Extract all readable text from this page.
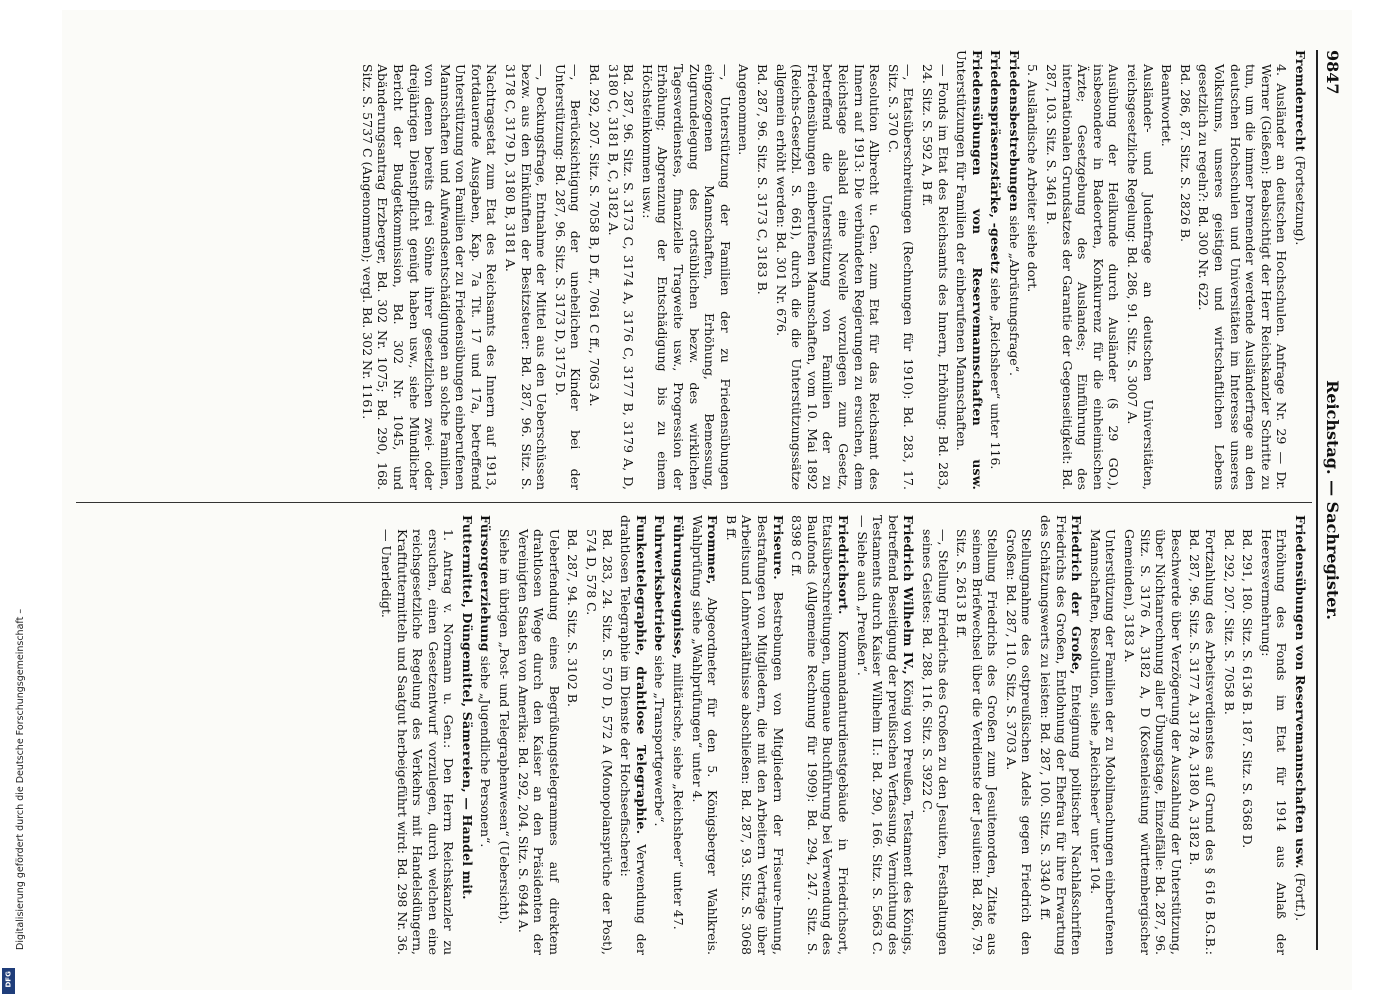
Reichstag. — Sachregister.
9847
Fremdenrecht (Fortsetzung).
4. Ausländer an deutschen Hochschulen. Anfrage Nr. 29 — Dr. Werner (Gießen): Beabsichtigt der Herr Reichskanzler Schritte zu tun, um die immer bremender werdende Ausländerfrage an den deutschen Hochschulen und Universitäten im Interesse unseres Volkstums, unseres geistigen und wirtschaftlichen Lebens gesetzlich zu regeln?: Bd. 300 Nr. 622.
Bd. 286, 87. Sitz. S. 2826 B.
Beantwortet.
Ausländer- und Judenfrage an deutschen Universitäten, reichsgesetzliche Regelung: Bd. 286, 91. Sitz. S. 3007 A.
Ausübung der Heilkunde durch Ausländer (§ 29 GO.), insbesondere in Badeorten, Konkurrenz für die einheimischen Ärzte; Gesetzgebung des Auslandes; Einführung des internationalen Grundsatzes der Garantie der Gegenseitigkeit: Bd. 287, 103. Sitz. S. 3461 B.
5. Ausländische Arbeiter siehe dort.
Friedensbestrebungen siehe „Abrüstungsfrage“.
Friedenspräsenzstärke, -gesetz siehe „Reichsheer“ unter 116.
Friedensübungen von Reservemannschaften usw. Unterstützungen für Familien der einberufenen Mannschaften.
— Fonds im Etat des Reichsamts des Innern, Erhöhung: Bd. 283, 24. Sitz. S. 592 A, B ff.
—, Etatsüberschreitungen (Rechnungen für 1910): Bd. 283, 17. Sitz. S. 370 C.
Resolution Albrecht u. Gen. zum Etat für das Reichsamt des Innern auf 1913: Die verbündeten Regierungen zu ersuchen, dem Reichstage alsbald eine Novelle vorzulegen zum Gesetz, betreffend die Unterstützung von Familien der zu Friedensübungen einberufenen Mannschaften, vom 10. Mai 1892 (Reichs-Gesetzbl. S. 661), durch die die Unterstützungssätze allgemein erhöht werden: Bd. 301 Nr. 676.
Bd. 287, 96. Sitz. S. 3173 C, 3183 B.
Angenommen.
—, Unterstützung der Familien der zu Friedensübungen eingezogenen Mannschaften, Erhöhung, Bemessung, Zugrundelegung des ortsüblichen bezw. des wirklichen Tagesverdienstes, finanzielle Tragweite usw., Progression der Erhöhung; Abgrenzung der Entschädigung bis zu einem Höchsteinkommen usw.:
Bd. 287, 96. Sitz. S. 3173 C, 3174 A, 3176 C, 3177 B, 3179 A, D, 3180 C, 3181 B, C, 3182 A.
Bd. 292, 207. Sitz. S. 7058 B, D ff., 7061 C ff., 7063 A.
—, Berücksichtigung der unehelichen Kinder bei der Unterstützung: Bd. 287, 96. Sitz. S. 3173 D, 3175 D.
—, Deckungsfrage, Entnahme der Mittel aus den Ueberschüssen bezw. aus den Einkünften der Besitzsteuer: Bd. 287, 96. Sitz. S. 3178 C, 3179 D, 3180 B, 3181 A.
Nachtragsetat zum Etat des Reichsamts des Innern auf 1913, fortdauernde Ausgaben, Kap. 7a Tit. 17 und 17a, betreffend Unterstützung von Familien der zu Friedensübungen einberufenen Mannschaften und Aufwandsentschädigungen an solche Familien, von denen bereits drei Söhne ihrer gesetzlichen zwei- oder dreijährigen Dienstpflicht genügt haben usw., siehe Mündlicher Bericht der Budgetkommission, Bd. 302 Nr. 1045, und Abänderungsantrag Erzberger, Bd. 302 Nr. 1075; Bd. 290, 168. Sitz. S. 5737 C (Angenommen); vergl. Bd. 302 Nr. 1161.
Friedensübungen von Reservemannschaften usw. (Fortf.).
Erhöhung des Fonds im Etat für 1914 aus Anlaß der Heeresvermehrung:
Bd. 291, 180. Sitz. S. 6136 B. 187. Sitz. S. 6368 D.
Bd. 292, 207. Sitz. S. 7058 B.
Fortzahlung des Arbeitsverdienstes auf Grund des § 616 B.G.B.: Bd. 287, 96. Sitz. S. 3177 A, 3178 A, 3180 A, 3182 B.
Beschwerde über Verzögerung der Auszahlung der Unterstützung, über Nichtanrechnung aller Übungstage, Einzelfälle: Bd. 287, 96. Sitz. S. 3176 A, 3182 A, D (Kostenleistung württembergischer Gemeinden), 3183 A.
Unterstützung der Familien der zu Mobilmachungen einberufenen Mannschaften, Resolution, siehe „Reichsheer“ unter 104.
Friedrich der Große, Enteignung politischer Nachlaßschriften Friedrichs des Großen, Entlohnung der Ehefrau für ihre Erwartung des Schätzungswerts zu leisten: Bd. 287, 100. Sitz. S. 3340 A ff.
Stellungnahme des ostpreußischen Adels gegen Friedrich den Großen: Bd. 287, 110. Sitz. S. 3703 A.
Stellung Friedrichs des Großen zum Jesuitenorden, Zitate aus seinem Briefwechsel über die Verdienste der Jesuiten: Bd. 286, 79. Sitz. S. 2613 B ff.
—, Stellung Friedrichs des Großen zu den Jesuiten, Festhaltungen seines Geistes: Bd. 288, 116. Sitz. S. 3922 C.
Friedrich Wilhelm IV., König von Preußen, Testament des Königs, betreffend Beseitigung der preußischen Verfassung, Vernichtung des Testaments durch Kaiser Wilhelm II.: Bd. 290, 166. Sitz. S. 5663 C. — Siehe auch „Preußen“.
Friedrichsort. Kommandanturdienstgebäude in Friedrichsort, Etatsüberschreitungen, ungenaue Buchführung bei Verwendung des Baufonds (Allgemeine Rechnung für 1909): Bd. 294, 247. Sitz. S. 8398 C ff.
Friseure. Bestrebungen von Mitgliedern der Friseure-Innung, Bestrafungen von Mitgliedern, die mit den Arbeitern Verträge über Arbeitsund Lohnverhältnisse abschließen: Bd. 287, 93. Sitz. S. 3068 B ff.
Frommer, Abgeordneter für den 5. Königsberger Wahlkreis. Wahlprüfung siehe „Wahlprüfungen“ unter 4.
Führungszeugnisse, militärische, siehe „Reichsheer“ unter 47.
Fuhrwerksbetriebe siehe „Transportgewerbe“.
Funkentelegraphie, drahtlose Telegraphie. Verwendung der drahtlosen Telegraphie im Dienste der Hochseefischerei:
Bd. 283, 24. Sitz. S. 570 D, 572 A (Monopolansprüche der Post), 574 D, 578 C.
Bd. 287, 94. Sitz. S. 3102 B.
Ueberfendung eines Begrüßungstelegrammes auf direktem drahtlosen Wege durch den Kaiser an den Präsidenten der Vereinigten Staaten von Amerika: Bd. 292, 204. Sitz. S. 6944 A.
Siehe im übrigen „Post- und Telegraphenwesen“ (Uebersicht).
Fürsorgeerziehung siehe „Jugendliche Personen“.
Futtermittel, Düngemittel, Sämereien, — Handel mit.
1. Antrag v. Normann u. Gen.: Den Herrn Reichskanzler zu ersuchen, einen Gesetzentwurf vorzulegen, durch welchen eine reichsgesetzliche Regelung des Verkehrs mit Handelsdüngern, Kraftfuttermitteln und Saatgut herbeigeführt wird: Bd. 298 Nr. 36. — Unerledigt.
Digitalisierung gefördert durch die Deutsche Forschungsgemeinschaft –
DFG
